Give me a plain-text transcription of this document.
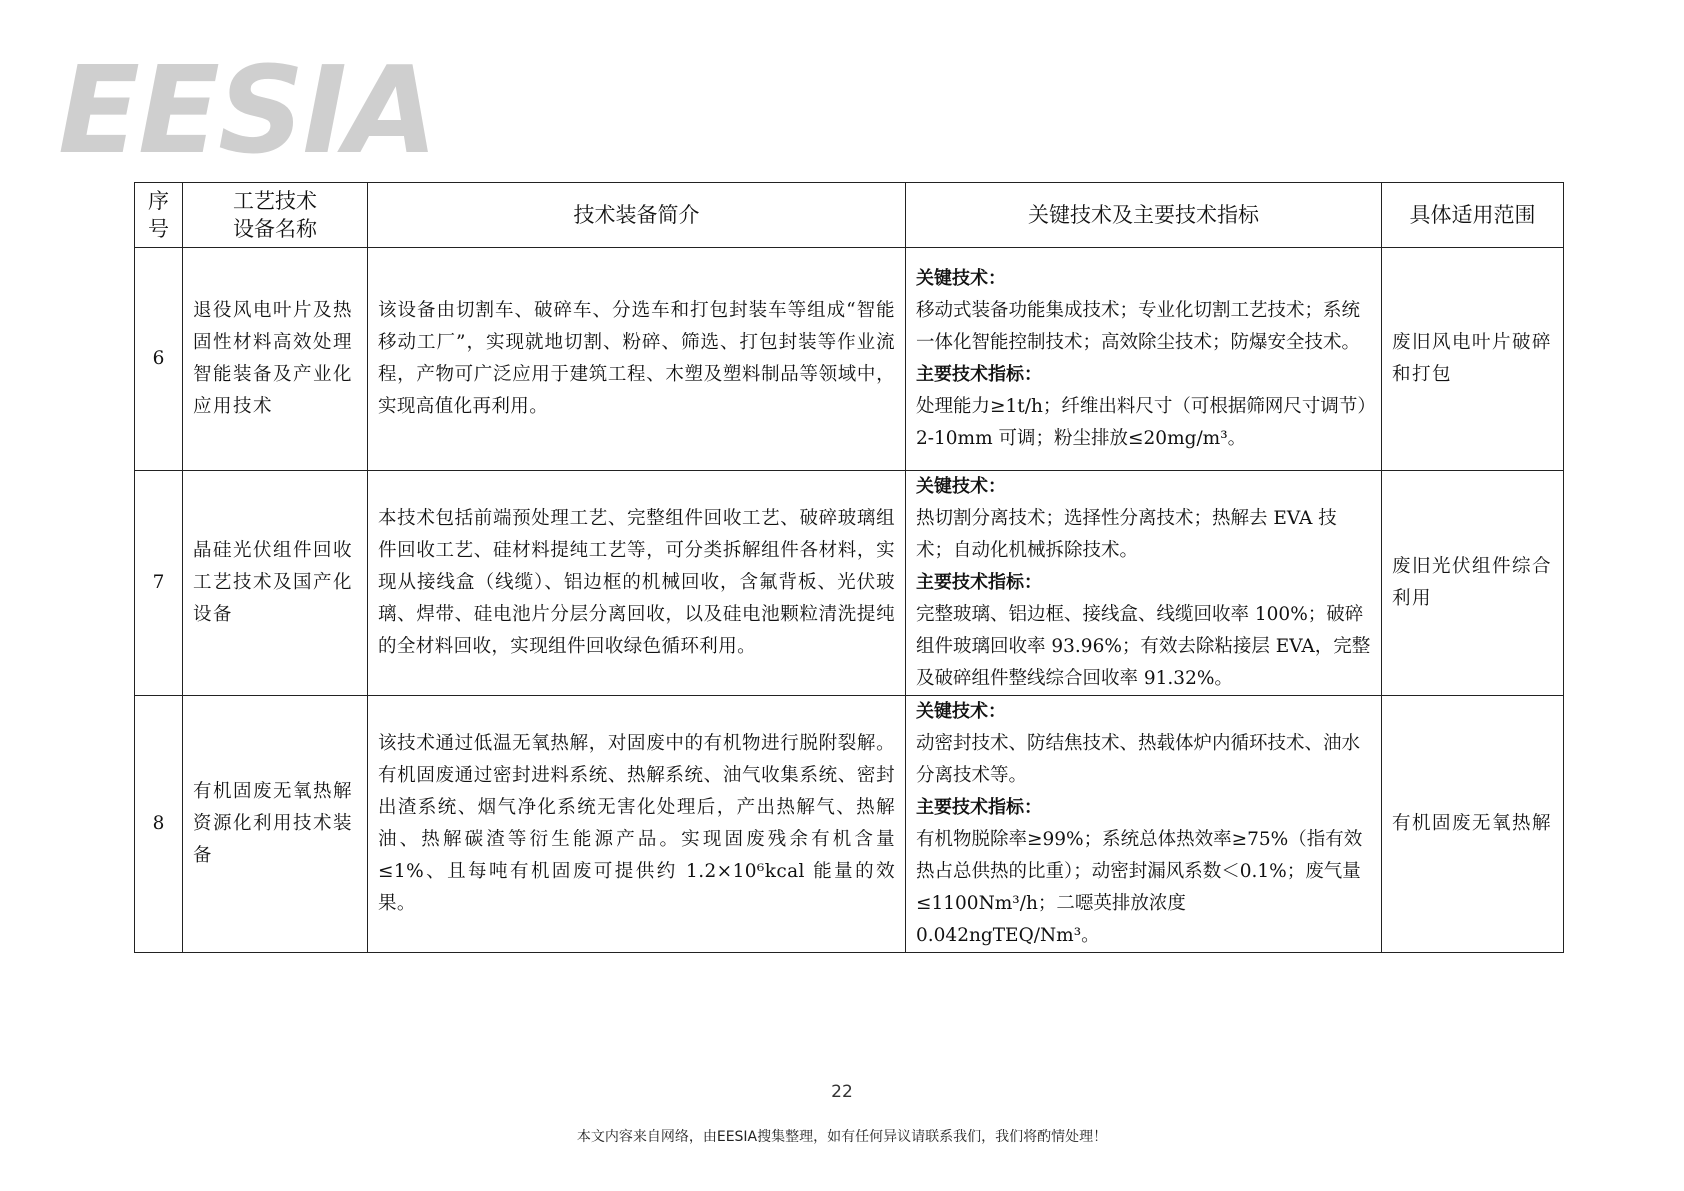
EESIA
序
号	工艺技术
设备名称	技术装备简介	关键技术及主要技术指标	具体适用范围
6	退役风电叶片及热固性材料高效处理智能装备及产业化应用技术	该设备由切割车、破碎车、分选车和打包封装车等组成“智能移动工厂”，实现就地切割、粉碎、筛选、打包封装等作业流程，产物可广泛应用于建筑工程、木塑及塑料制品等领域中，实现高值化再利用。	关键技术：
移动式装备功能集成技术；专业化切割工艺技术；系统一体化智能控制技术；高效除尘技术；防爆安全技术。
主要技术指标：
处理能力≥1t/h；纤维出料尺寸（可根据筛网尺寸调节）2-10mm 可调；粉尘排放≤20mg/m³。	废旧风电叶片破碎和打包
7	晶硅光伏组件回收工艺技术及国产化设备	本技术包括前端预处理工艺、完整组件回收工艺、破碎玻璃组件回收工艺、硅材料提纯工艺等，可分类拆解组件各材料，实现从接线盒（线缆）、铝边框的机械回收，含氟背板、光伏玻璃、焊带、硅电池片分层分离回收，以及硅电池颗粒清洗提纯的全材料回收，实现组件回收绿色循环利用。	关键技术：
热切割分离技术；选择性分离技术；热解去 EVA 技术；自动化机械拆除技术。
主要技术指标：
完整玻璃、铝边框、接线盒、线缆回收率 100%；破碎组件玻璃回收率 93.96%；有效去除粘接层 EVA，完整及破碎组件整线综合回收率 91.32%。	废旧光伏组件综合利用
8	有机固废无氧热解资源化利用技术装备	该技术通过低温无氧热解，对固废中的有机物进行脱附裂解。有机固废通过密封进料系统、热解系统、油气收集系统、密封出渣系统、烟气净化系统无害化处理后，产出热解气、热解油、热解碳渣等衍生能源产品。实现固废残余有机含量≤1%、且每吨有机固废可提供约 1.2×10⁶kcal 能量的效果。	关键技术：
动密封技术、防结焦技术、热载体炉内循环技术、油水分离技术等。
主要技术指标：
有机物脱除率≥99%；系统总体热效率≥75%（指有效热占总供热的比重）；动密封漏风系数＜0.1%；废气量≤1100Nm³/h；二噁英排放浓度 0.042ngTEQ/Nm³。	有机固废无氧热解
22
本文内容来自网络，由EESIA搜集整理，如有任何异议请联系我们，我们将酌情处理！
